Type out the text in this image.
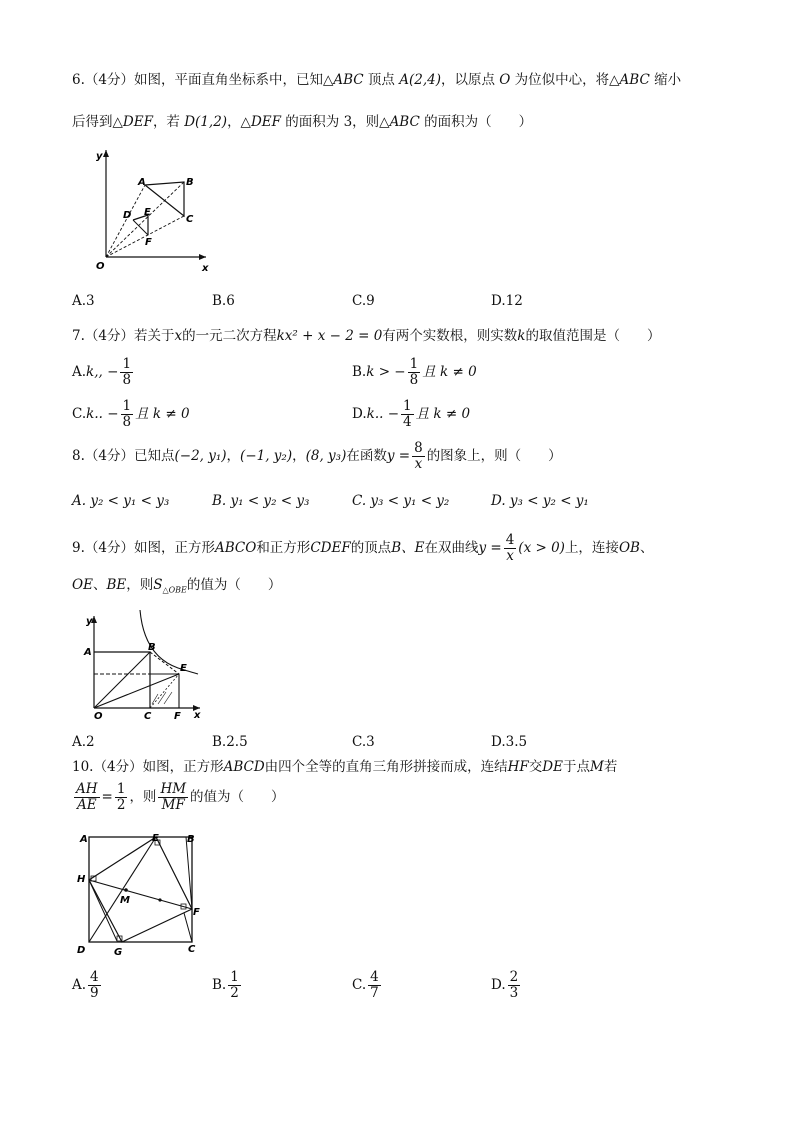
6.（4分）如图，平面直角坐标系中，已知△ABC 顶点 A(2,4)，以原点 O 为位似中心，将△ABC 缩小
后得到△DEF，若 D(1,2)，△DEF 的面积为 3，则△ABC 的面积为（　　）
y
x
O
A	B
C
D E
F
A.3	B.6	C.9	D.12
7.（4分）若关于x的一元二次方程kx² + x − 2 = 0有两个实数根，则实数k的取值范围是（　　）
A.k,, − $\frac{1}{8}$	B.k > − $\frac{1}{8}$ 且 k ≠ 0
C.k.. − $\frac{1}{8}$ 且 k ≠ 0	D.k.. − $\frac{1}{4}$ 且 k ≠ 0
8.（4分）已知点(−2, y₁)，(−1, y₂)，(8, y₃)在函数$y = \frac{8}{x}$ 的图象上，则（　　）
A. y₂ < y₁ < y₃	B. y₁ < y₂ < y₃	C. y₃ < y₁ < y₂	D. y₃ < y₂ < y₁
9.（4分）如图，正方形ABCO和正方形CDEF的顶点B、E在双曲线$y = \frac{4}{x} (x > 0)$上，连接OB、
OE、BE，则$S_{\triangle OBE}$的值为（　　）
y
x
O
A	B
C
E
F
A.2	B.2.5	C.3	D.3.5
10.（4分）如图，正方形ABCD由四个全等的直角三角形拼接而成，连结HF交DE于点M若
$\frac{AH}{AE} = \frac{1}{2}$ ，则 $\frac{HM}{MF}$ 的值为（　　）
A	B
C
D
E
F
G
H
M
A. $\frac{4}{9}$	B. $\frac{1}{2}$	C. $\frac{4}{7}$	D. $\frac{2}{3}$
